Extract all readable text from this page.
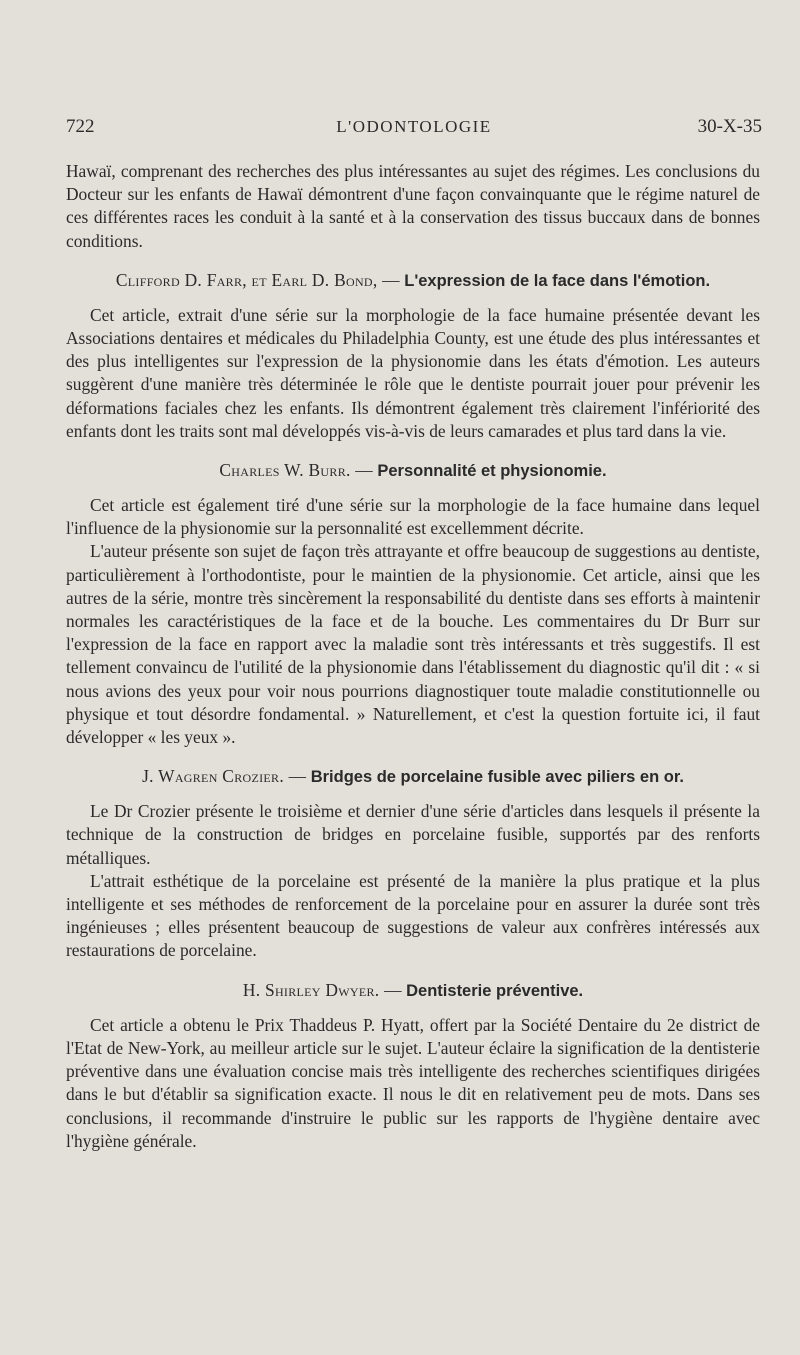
722	L'ODONTOLOGIE	30-X-35

Hawaï, comprenant des recherches des plus intéressantes au sujet des régimes. Les conclusions du Docteur sur les enfants de Hawaï démontrent d'une façon convainquante que le régime naturel de ces différentes races les conduit à la santé et à la conservation des tissus buccaux dans de bonnes conditions.

Clifford D. Farr, et Earl D. Bond, — L'expression de la face dans l'émotion.

Cet article, extrait d'une série sur la morphologie de la face humaine présentée devant les Associations dentaires et médicales du Philadelphia County, est une étude des plus intéressantes et des plus intelligentes sur l'expression de la physionomie dans les états d'émotion. Les auteurs suggèrent d'une manière très déterminée le rôle que le dentiste pourrait jouer pour prévenir les déformations faciales chez les enfants. Ils démontrent également très clairement l'infériorité des enfants dont les traits sont mal développés vis-à-vis de leurs camarades et plus tard dans la vie.

Charles W. Burr. — Personnalité et physionomie.

Cet article est également tiré d'une série sur la morphologie de la face humaine dans lequel l'influence de la physionomie sur la personnalité est excellemment décrite.

L'auteur présente son sujet de façon très attrayante et offre beaucoup de suggestions au dentiste, particulièrement à l'orthodontiste, pour le maintien de la physionomie. Cet article, ainsi que les autres de la série, montre très sincèrement la responsabilité du dentiste dans ses efforts à maintenir normales les caractéristiques de la face et de la bouche. Les commentaires du Dr Burr sur l'expression de la face en rapport avec la maladie sont très intéressants et très suggestifs. Il est tellement convaincu de l'utilité de la physionomie dans l'établissement du diagnostic qu'il dit : « si nous avions des yeux pour voir nous pourrions diagnostiquer toute maladie constitutionnelle ou physique et tout désordre fondamental. » Naturellement, et c'est la question fortuite ici, il faut développer « les yeux ».

J. Wagren Crozier. — Bridges de porcelaine fusible avec piliers en or.

Le Dr Crozier présente le troisième et dernier d'une série d'articles dans lesquels il présente la technique de la construction de bridges en porcelaine fusible, supportés par des renforts métalliques.

L'attrait esthétique de la porcelaine est présenté de la manière la plus pratique et la plus intelligente et ses méthodes de renforcement de la porcelaine pour en assurer la durée sont très ingénieuses ; elles présentent beaucoup de suggestions de valeur aux confrères intéressés aux restaurations de porcelaine.

H. Shirley Dwyer. — Dentisterie préventive.

Cet article a obtenu le Prix Thaddeus P. Hyatt, offert par la Société Dentaire du 2e district de l'Etat de New-York, au meilleur article sur le sujet. L'auteur éclaire la signification de la dentisterie préventive dans une évaluation concise mais très intelligente des recherches scientifiques dirigées dans le but d'établir sa signification exacte. Il nous le dit en relativement peu de mots. Dans ses conclusions, il recommande d'instruire le public sur les rapports de l'hygiène dentaire avec l'hygiène générale.
